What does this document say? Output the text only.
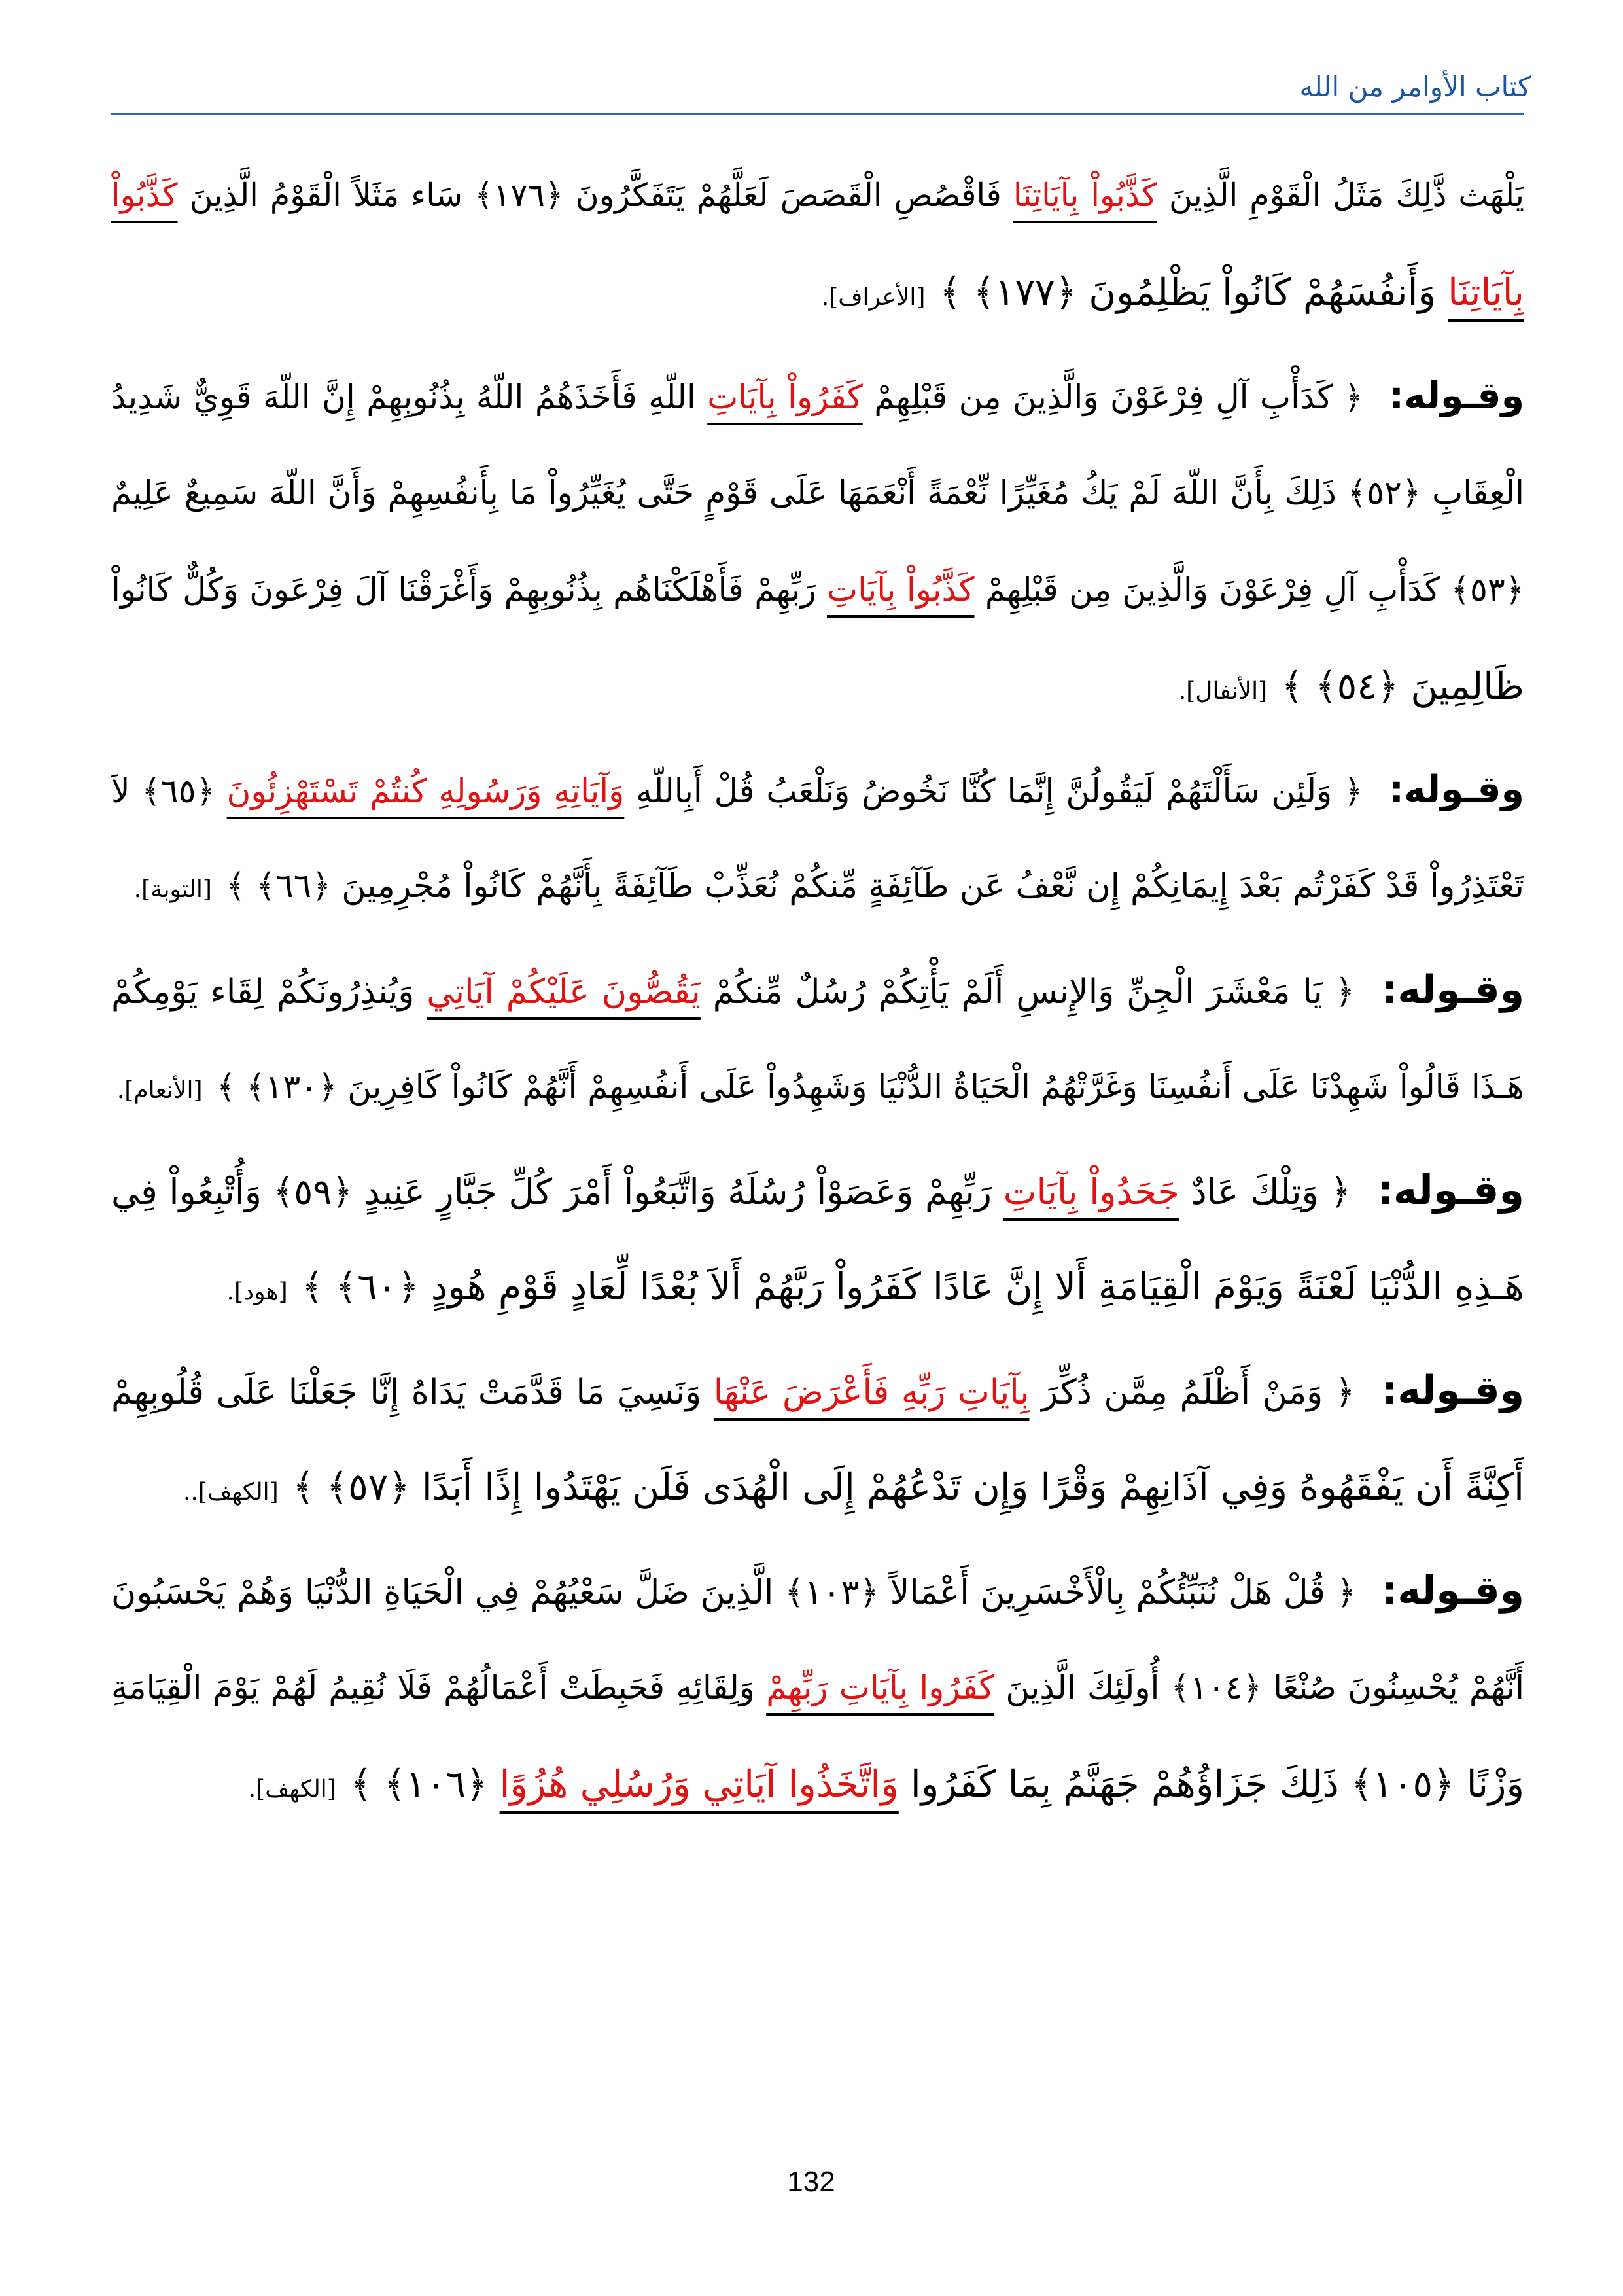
كتاب الأوامر من الله
يَلْهَث ذَّلِكَ مَثَلُ الْقَوْمِ الَّذِينَ كَذَّبُواْ بِآيَاتِنَا فَاقْصُصِ الْقَصَصَ لَعَلَّهُمْ يَتَفَكَّرُونَ ﴿١٧٦﴾ سَاء مَثَلاً الْقَوْمُ الَّذِينَ كَذَّبُواْ
بِآيَاتِنَا وَأَنفُسَهُمْ كَانُواْ يَظْلِمُونَ ﴿١٧٧﴾ ﴾ [الأعراف].
وقـوله: ﴿ كَدَأْبِ آلِ فِرْعَوْنَ وَالَّذِينَ مِن قَبْلِهِمْ كَفَرُواْ بِآيَاتِ اللّهِ فَأَخَذَهُمُ اللّهُ بِذُنُوبِهِمْ إِنَّ اللّهَ قَوِيٌّ شَدِيدُ
الْعِقَابِ ﴿٥٢﴾ ذَلِكَ بِأَنَّ اللّهَ لَمْ يَكُ مُغَيِّرًا نِّعْمَةً أَنْعَمَهَا عَلَى قَوْمٍ حَتَّى يُغَيِّرُواْ مَا بِأَنفُسِهِمْ وَأَنَّ اللّهَ سَمِيعٌ عَلِيمٌ
﴿٥٣﴾ كَدَأْبِ آلِ فِرْعَوْنَ وَالَّذِينَ مِن قَبْلِهِمْ كَذَّبُواْ بِآيَاتِ رَبِّهِمْ فَأَهْلَكْنَاهُم بِذُنُوبِهِمْ وَأَغْرَقْنَا آلَ فِرْعَونَ وَكُلٌّ كَانُواْ
ظَالِمِينَ ﴿٥٤﴾ ﴾ [الأنفال].
وقـوله: ﴿ وَلَئِن سَأَلْتَهُمْ لَيَقُولُنَّ إِنَّمَا كُنَّا نَخُوضُ وَنَلْعَبُ قُلْ أَبِاللّهِ وَآيَاتِهِ وَرَسُولِهِ كُنتُمْ تَسْتَهْزِئُونَ ﴿٦٥﴾ لاَ
تَعْتَذِرُواْ قَدْ كَفَرْتُم بَعْدَ إِيمَانِكُمْ إِن نَّعْفُ عَن طَآئِفَةٍ مِّنكُمْ نُعَذِّبْ طَآئِفَةً بِأَنَّهُمْ كَانُواْ مُجْرِمِينَ ﴿٦٦﴾ ﴾ [التوبة].
وقـوله: ﴿ يَا مَعْشَرَ الْجِنِّ وَالإِنسِ أَلَمْ يَأْتِكُمْ رُسُلٌ مِّنكُمْ يَقُصُّونَ عَلَيْكُمْ آيَاتِي وَيُنذِرُونَكُمْ لِقَاء يَوْمِكُمْ
هَـذَا قَالُواْ شَهِدْنَا عَلَى أَنفُسِنَا وَغَرَّتْهُمُ الْحَيَاةُ الدُّنْيَا وَشَهِدُواْ عَلَى أَنفُسِهِمْ أَنَّهُمْ كَانُواْ كَافِرِينَ ﴿١٣٠﴾ ﴾ [الأنعام].
وقـوله: ﴿ وَتِلْكَ عَادٌ جَحَدُواْ بِآيَاتِ رَبِّهِمْ وَعَصَوْاْ رُسُلَهُ وَاتَّبَعُواْ أَمْرَ كُلِّ جَبَّارٍ عَنِيدٍ ﴿٥٩﴾ وَأُتْبِعُواْ فِي
هَـذِهِ الدُّنْيَا لَعْنَةً وَيَوْمَ الْقِيَامَةِ أَلا إِنَّ عَادًا كَفَرُواْ رَبَّهُمْ أَلاَ بُعْدًا لِّعَادٍ قَوْمِ هُودٍ ﴿٦٠﴾ ﴾ [هود].
وقـوله: ﴿ وَمَنْ أَظْلَمُ مِمَّن ذُكِّرَ بِآيَاتِ رَبِّهِ فَأَعْرَضَ عَنْهَا وَنَسِيَ مَا قَدَّمَتْ يَدَاهُ إِنَّا جَعَلْنَا عَلَى قُلُوبِهِمْ
أَكِنَّةً أَن يَفْقَهُوهُ وَفِي آذَانِهِمْ وَقْرًا وَإِن تَدْعُهُمْ إِلَى الْهُدَى فَلَن يَهْتَدُوا إِذًا أَبَدًا ﴿٥٧﴾ ﴾ [الكهف]..
وقـوله: ﴿ قُلْ هَلْ نُنَبِّئُكُمْ بِالْأَخْسَرِينَ أَعْمَالاً ﴿١٠٣﴾ الَّذِينَ ضَلَّ سَعْيُهُمْ فِي الْحَيَاةِ الدُّنْيَا وَهُمْ يَحْسَبُونَ
أَنَّهُمْ يُحْسِنُونَ صُنْعًا ﴿١٠٤﴾ أُولَئِكَ الَّذِينَ كَفَرُوا بِآيَاتِ رَبِّهِمْ وَلِقَائِهِ فَحَبِطَتْ أَعْمَالُهُمْ فَلَا نُقِيمُ لَهُمْ يَوْمَ الْقِيَامَةِ
وَزْنًا ﴿١٠٥﴾ ذَلِكَ جَزَاؤُهُمْ جَهَنَّمُ بِمَا كَفَرُوا وَاتَّخَذُوا آيَاتِي وَرُسُلِي هُزُوًا ﴿١٠٦﴾ ﴾ [الكهف].
132
